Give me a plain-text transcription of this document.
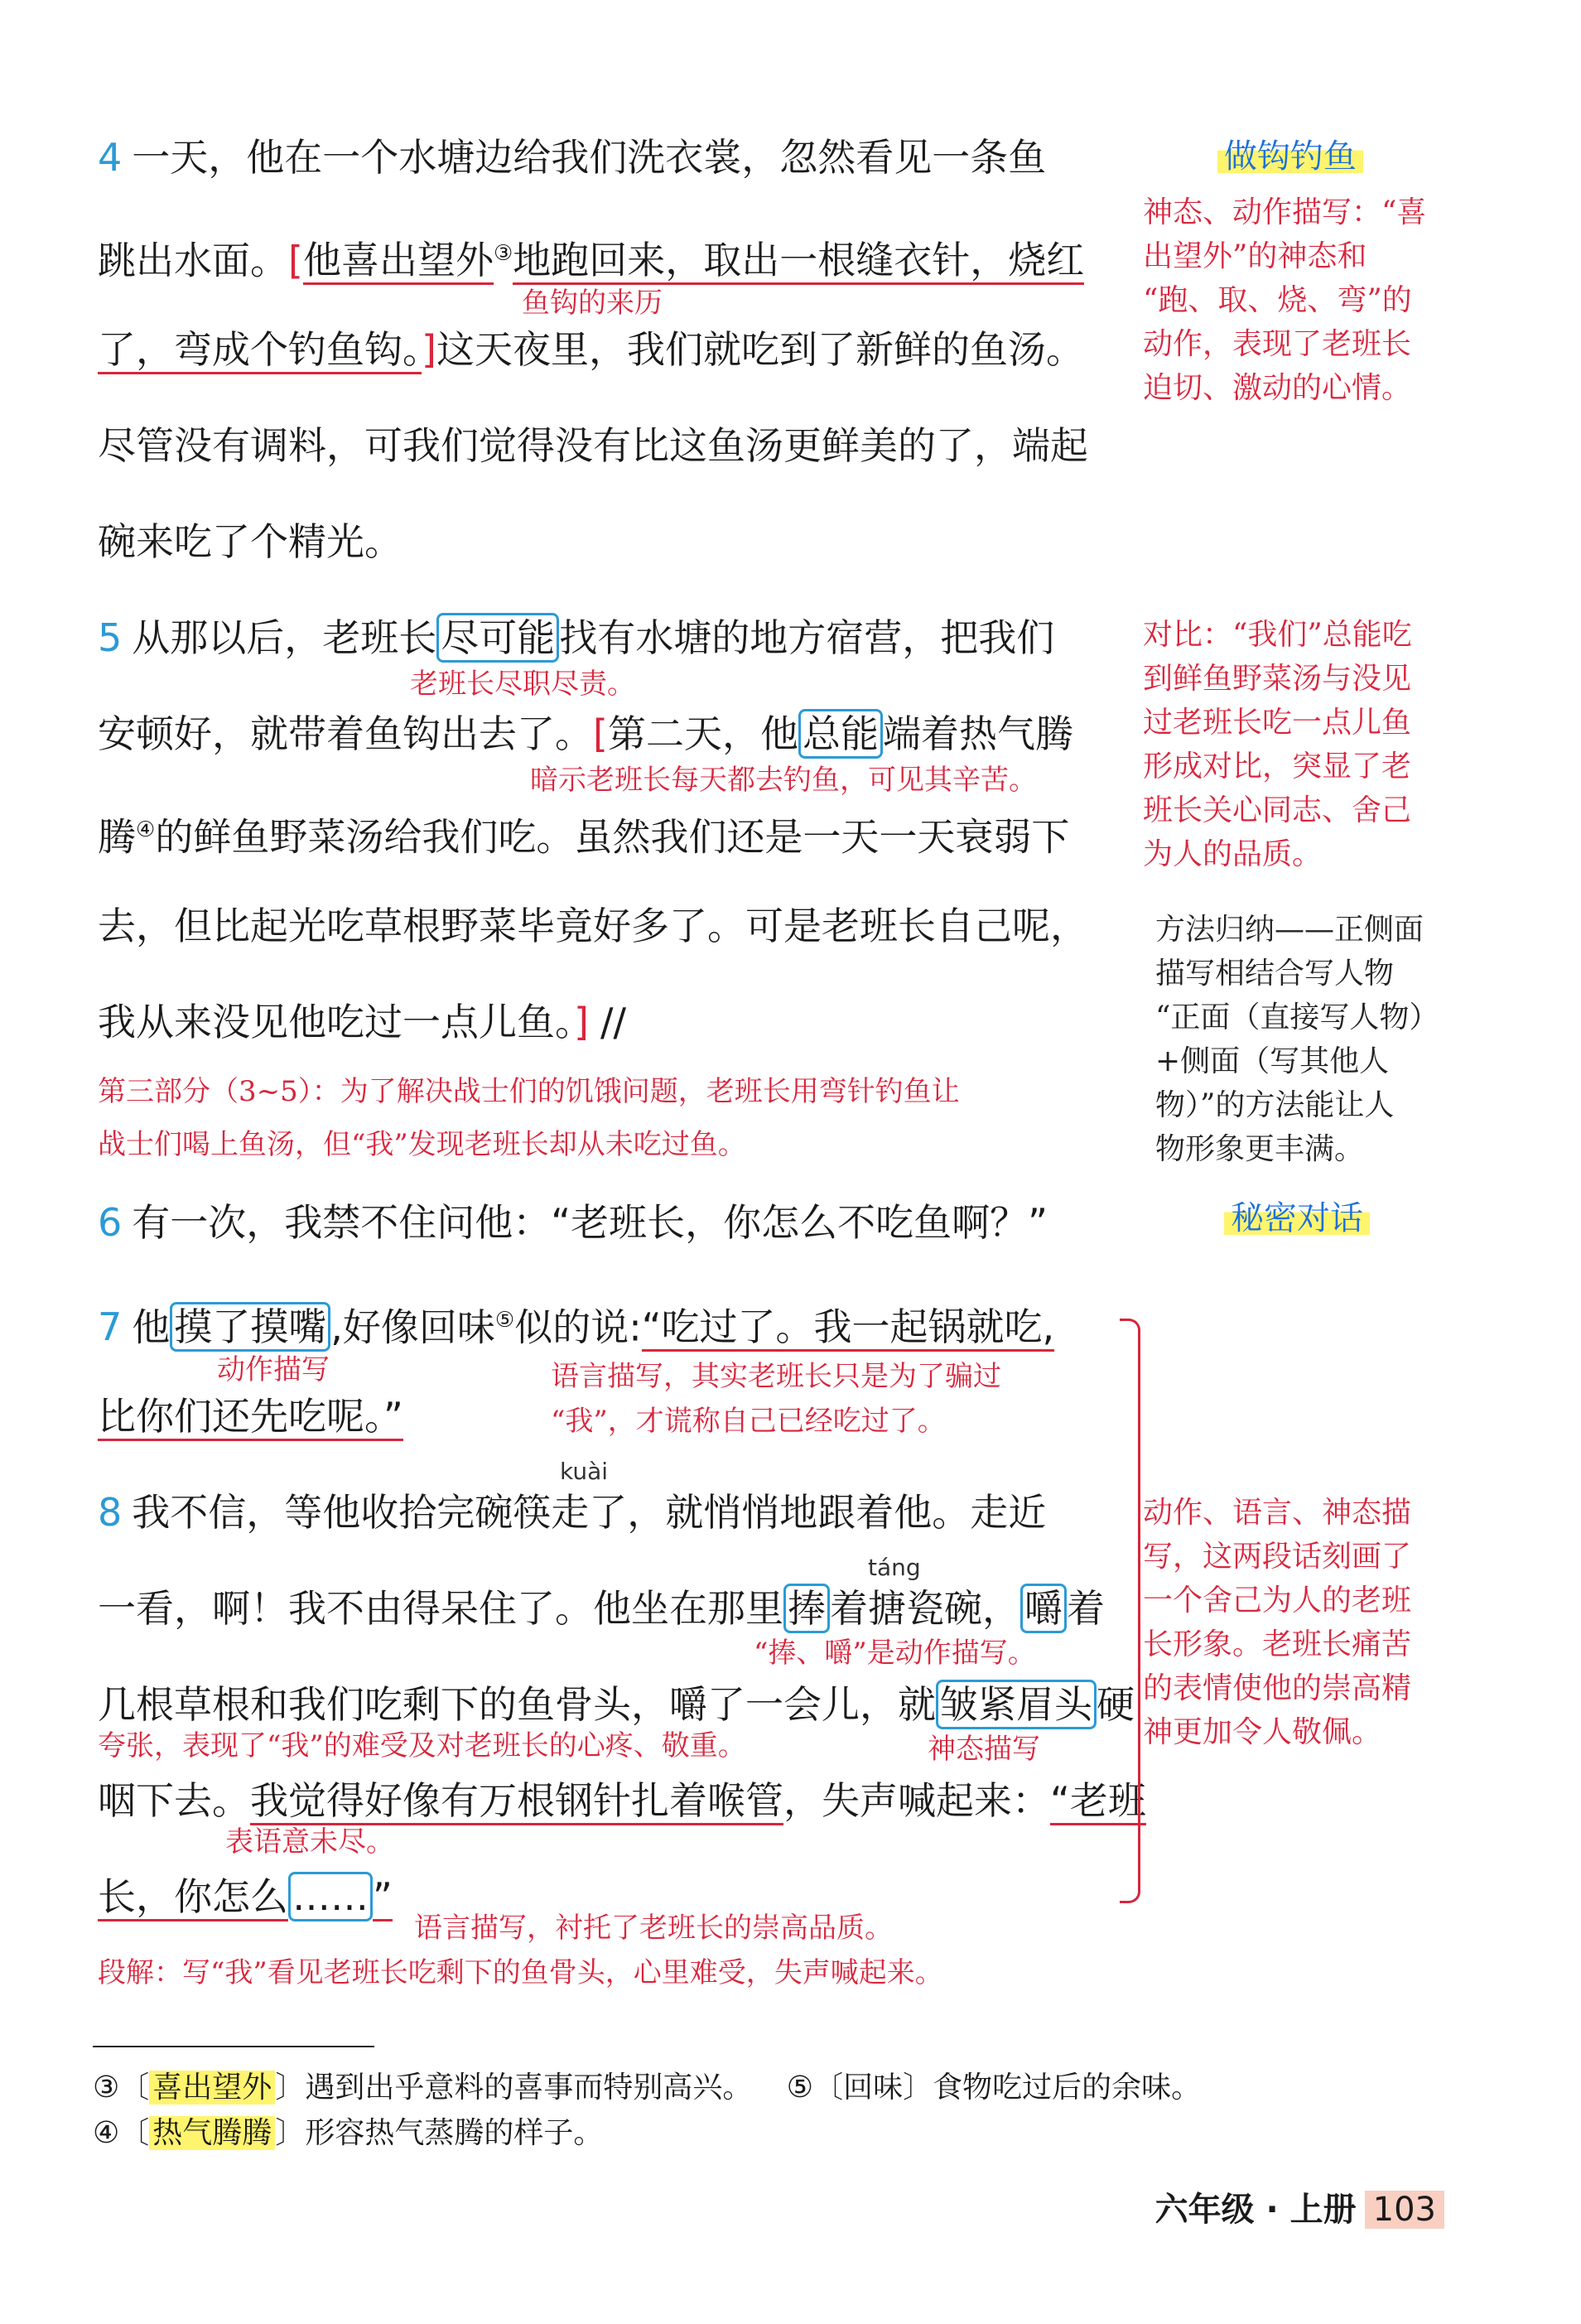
4 一天，他在一个水塘边给我们洗衣裳，忽然看见一条鱼
跳出水面。[他喜出望外③地跑回来，取出一根缝衣针，烧红
鱼钩的来历
了，弯成个钓鱼钩。]这天夜里，我们就吃到了新鲜的鱼汤。
尽管没有调料，可我们觉得没有比这鱼汤更鲜美的了，端起
碗来吃了个精光。
5 从那以后，老班长 尽可能 找有水塘的地方宿营，把我们
老班长尽职尽责。
安顿好，就带着鱼钩出去了。[第二天，他 总能 端着热气腾
暗示老班长每天都去钓鱼，可见其辛苦。
腾④的鲜鱼野菜汤给我们吃。虽然我们还是一天一天衰弱下
去，但比起光吃草根野菜毕竟好多了。可是老班长自己呢，
我从来没见他吃过一点儿鱼。] //
第三部分（3~5）：为了解决战士们的饥饿问题，老班长用弯针钓鱼让
战士们喝上鱼汤，但“我”发现老班长却从未吃过鱼。
6 有一次，我禁不住问他：“老班长，你怎么不吃鱼啊？”
7 他 摸了摸嘴 ,好像回味⑤似的说:“吃过了。我一起锅就吃,
动作描写	语言描写，其实老班长只是为了骗过
“我”，才谎称自己已经吃过了。
比你们还先吃呢。”
kuài
8 我不信，等他收拾完碗筷走了，就悄悄地跟着他。走近
táng
一看，啊！我不由得呆住了。他坐在那里 捧 着搪瓷碗， 嚼 着
“捧、嚼”是动作描写。
几根草根和我们吃剩下的鱼骨头，嚼了一会儿，就 皱紧眉头 硬
夸张，表现了“我”的难受及对老班长的心疼、敬重。	神态描写
咽下去。我觉得好像有万根钢针扎着喉管，失声喊起来：“老班
表语意未尽。
长，你怎么 …… ”
语言描写，衬托了老班长的崇高品质。
段解：写“我”看见老班长吃剩下的鱼骨头，心里难受，失声喊起来。
做钩钓鱼
神态、动作描写：“喜
出望外”的神态和
“跑、取、烧、弯”的
动作，表现了老班长
迫切、激动的心情。
对比：“我们”总能吃
到鲜鱼野菜汤与没见
过老班长吃一点儿鱼
形成对比，突显了老
班长关心同志、舍己
为人的品质。
方法归纳——正侧面
描写相结合写人物
“正面（直接写人物）
+侧面（写其他人
物）”的方法能让人
物形象更丰满。
秘密对话
动作、语言、神态描
写，这两段话刻画了
一个舍己为人的老班
长形象。老班长痛苦
的表情使他的崇高精
神更加令人敬佩。
③〔 喜出望外 〕遇到出乎意料的喜事而特别高兴。 ⑤〔回味〕食物吃过后的余味。
④〔 热气腾腾 〕形容热气蒸腾的样子。
六年级 · 上册 103
